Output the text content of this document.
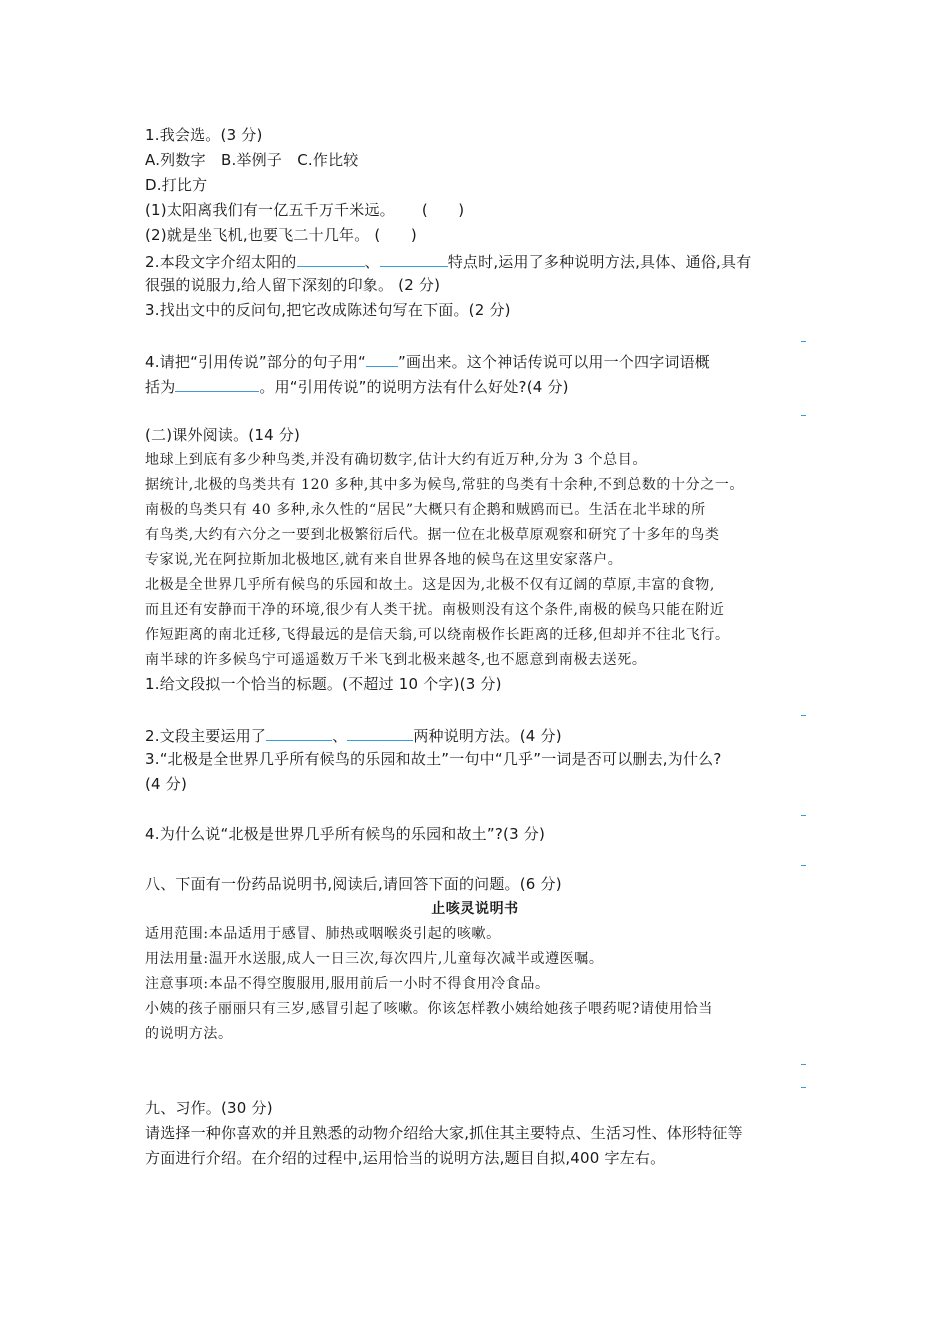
1.我会选。(3 分)
A.列数字　B.举例子　C.作比较
D.打比方
(1)太阳离我们有一亿五千万千米远。 (　　)
(2)就是坐飞机,也要飞二十几年。 (　　)
2.本段文字介绍太阳的	、	特点时,运用了多种说明方法,具体、通俗,具有
很强的说服力,给人留下深刻的印象。 (2 分)
3.找出文中的反问句,把它改成陈述句写在下面。(2 分)
4.请把“引用传说”部分的句子用“ ”画出来。这个神话传说可以用一个四字词语概
括为	。用“引用传说”的说明方法有什么好处?(4 分)
(二)课外阅读。(14 分)
地球上到底有多少种鸟类,并没有确切数字,估计大约有近万种,分为 3 个总目。
据统计,北极的鸟类共有 120 多种,其中多为候鸟,常驻的鸟类有十余种,不到总数的十分之一。
南极的鸟类只有 40 多种,永久性的“居民”大概只有企鹅和贼鸥而已。生活在北半球的所
有鸟类,大约有六分之一要到北极繁衍后代。据一位在北极草原观察和研究了十多年的鸟类
专家说,光在阿拉斯加北极地区,就有来自世界各地的候鸟在这里安家落户。
北极是全世界几乎所有候鸟的乐园和故土。这是因为,北极不仅有辽阔的草原,丰富的食物,
而且还有安静而干净的环境,很少有人类干扰。南极则没有这个条件,南极的候鸟只能在附近
作短距离的南北迁移,飞得最远的是信天翁,可以绕南极作长距离的迁移,但却并不往北飞行。
南半球的许多候鸟宁可遥遥数万千米飞到北极来越冬,也不愿意到南极去送死。
1.给文段拟一个恰当的标题。(不超过 10 个字)(3 分)
2.文段主要运用了	、	两种说明方法。(4 分)
3.“北极是全世界几乎所有候鸟的乐园和故土”一句中“几乎”一词是否可以删去,为什么?
(4 分)
4.为什么说“北极是世界几乎所有候鸟的乐园和故土”?(3 分)
八、下面有一份药品说明书,阅读后,请回答下面的问题。(6 分)
止咳灵说明书
适用范围:本品适用于感冒、肺热或咽喉炎引起的咳嗽。
用法用量:温开水送服,成人一日三次,每次四片,儿童每次减半或遵医嘱。
注意事项:本品不得空腹服用,服用前后一小时不得食用冷食品。
小姨的孩子丽丽只有三岁,感冒引起了咳嗽。你该怎样教小姨给她孩子喂药呢?请使用恰当
的说明方法。
九、习作。(30 分)
请选择一种你喜欢的并且熟悉的动物介绍给大家,抓住其主要特点、生活习性、体形特征等
方面进行介绍。在介绍的过程中,运用恰当的说明方法,题目自拟,400 字左右。
